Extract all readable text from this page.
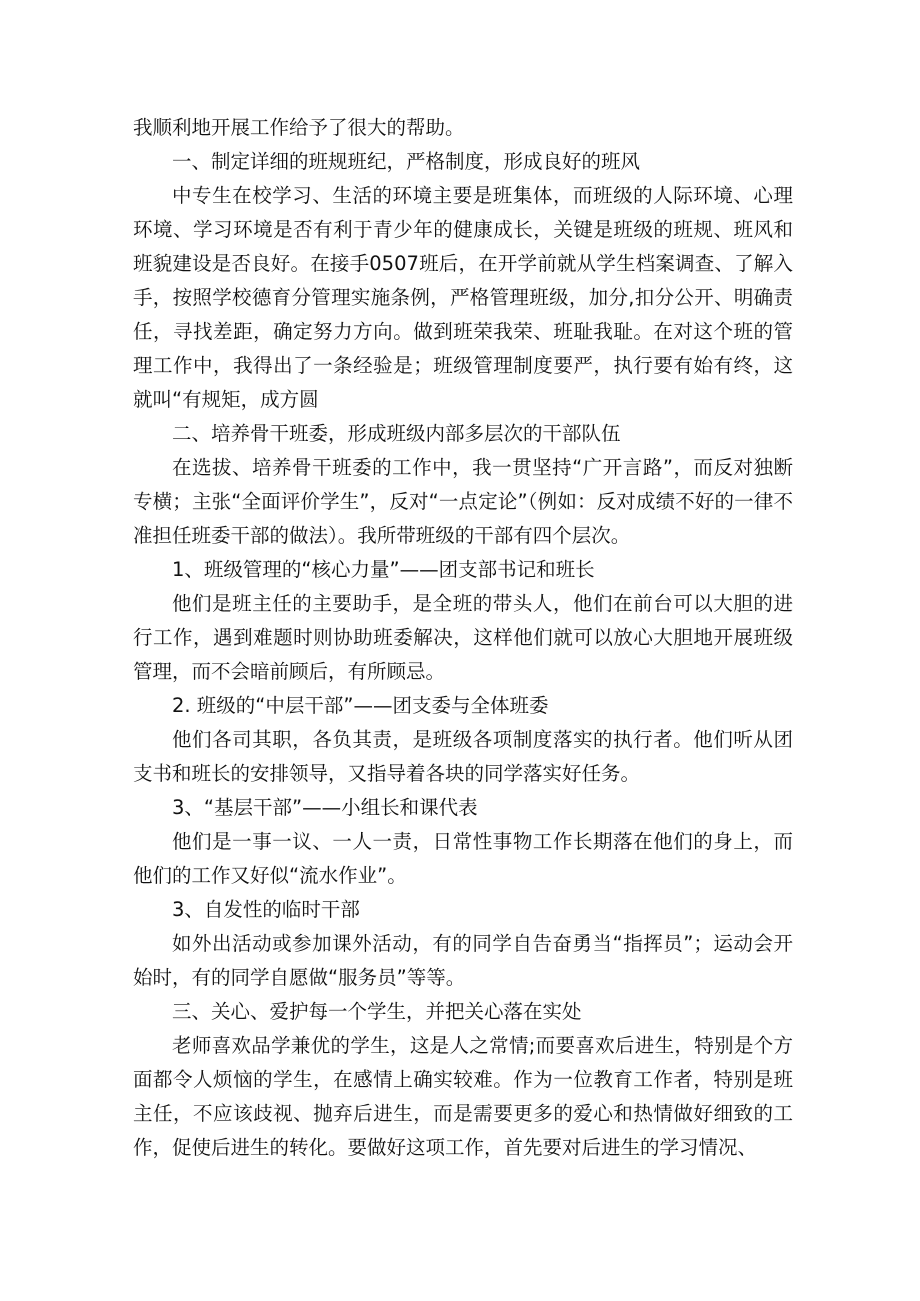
我顺利地开展工作给予了很大的帮助。

一、制定详细的班规班纪，严格制度，形成良好的班风

中专生在校学习、生活的环境主要是班集体，而班级的人际环境、心理环境、学习环境是否有利于青少年的健康成长，关键是班级的班规、班风和班貌建设是否良好。在接手0507班后，在开学前就从学生档案调查、了解入手，按照学校德育分管理实施条例，严格管理班级，加分,扣分公开、明确责任，寻找差距，确定努力方向。做到班荣我荣、班耻我耻。在对这个班的管理工作中，我得出了一条经验是；班级管理制度要严，执行要有始有终，这就叫“有规矩，成方圆

二、培养骨干班委，形成班级内部多层次的干部队伍

在选拔、培养骨干班委的工作中，我一贯坚持“广开言路”，而反对独断专横；主张“全面评价学生”，反对“一点定论”（例如：反对成绩不好的一律不准担任班委干部的做法）。我所带班级的干部有四个层次。

1、班级管理的“核心力量”——团支部书记和班长

他们是班主任的主要助手，是全班的带头人，他们在前台可以大胆的进行工作，遇到难题时则协助班委解决，这样他们就可以放心大胆地开展班级管理，而不会暗前顾后，有所顾忌。

2. 班级的“中层干部”——团支委与全体班委

他们各司其职，各负其责，是班级各项制度落实的执行者。他们听从团支书和班长的安排领导，又指导着各块的同学落实好任务。

3、“基层干部”——小组长和课代表

他们是一事一议、一人一责，日常性事物工作长期落在他们的身上，而他们的工作又好似“流水作业”。

3、自发性的临时干部

如外出活动或参加课外活动，有的同学自告奋勇当“指挥员”；运动会开始时，有的同学自愿做“服务员”等等。

三、关心、爱护每一个学生，并把关心落在实处

老师喜欢品学兼优的学生，这是人之常情;而要喜欢后进生，特别是个方面都令人烦恼的学生，在感情上确实较难。作为一位教育工作者，特别是班主任，不应该歧视、抛弃后进生，而是需要更多的爱心和热情做好细致的工作，促使后进生的转化。要做好这项工作，首先要对后进生的学习情况、
